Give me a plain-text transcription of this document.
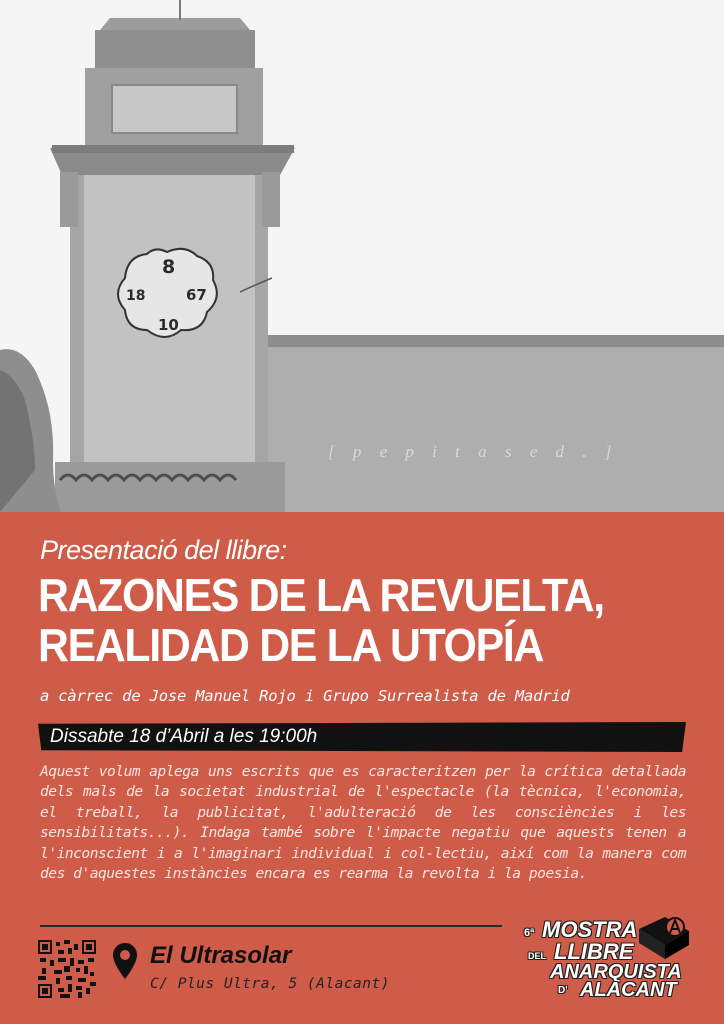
8
18	67
10
[ p e p i t a s e d . ]

Presentació del llibre:

RAZONES DE LA REVUELTA,
REALIDAD DE LA UTOPÍA

a càrrec de Jose Manuel Rojo i Grupo Surrealista de Madrid

Dissabte 18 d’Abril a les 19:00h

Aquest volum aplega uns escrits que es caracteritzen per la crítica detallada dels mals de la societat industrial de l'espectacle (la tècnica, l'economia, el treball, la publicitat, l'adulteració de les consciències i les sensibilitats...). Indaga també sobre l'impacte negatiu que aquests tenen a l'inconscient i a l'imaginari individual i col-lectiu, així com la manera com des d'aquestes instàncies encara es rearma la revolta i la poesia.

El Ultrasolar

C/ Plus Ultra, 5 (Alacant)

6ª MOSTRA
DEL LLIBRE
ANARQUISTA
D' ALACANT
